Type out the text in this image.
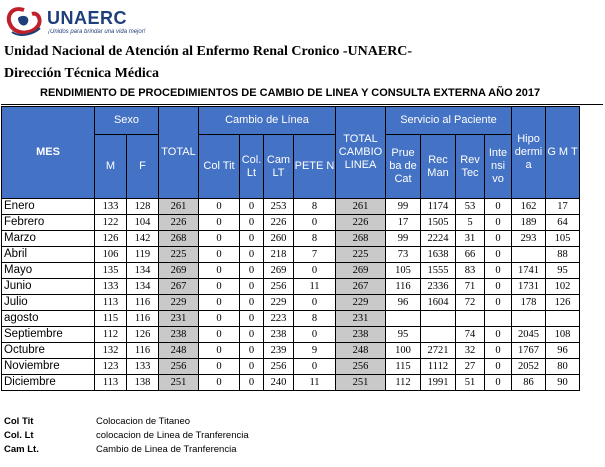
UNAERC
¡Unidos para brindar una vida mejor!
Unidad Nacional de Atención al Enfermo Renal Cronico -UNAERC-
Dirección Técnica Médica
RENDIMIENTO DE PROCEDIMIENTOS DE CAMBIO DE LINEA Y CONSULTA EXTERNA AÑO 2017
MES	Sexo		TOTAL	Cambio de Línea				TOTAL CAMBIO LINEA	Servicio al Paciente				Hipo dermi a	G M T
	M	F		Col Tit	Col. Lt	Cam LT	PETE N		Prue ba de Cat	Rec Man	Rev Tec	Inte nsi vo		
Enero	133	128	261	0	0	253	8	261	99	1174	53	0	162	17
Febrero	122	104	226	0	0	226	0	226	17	1505	5	0	189	64
Marzo	126	142	268	0	0	260	8	268	99	2224	31	0	293	105
Abril	106	119	225	0	0	218	7	225	73	1638	66	0		88
Mayo	135	134	269	0	0	269	0	269	105	1555	83	0	1741	95
Junio	133	134	267	0	0	256	11	267	116	2336	71	0	1731	102
Julio	113	116	229	0	0	229	0	229	96	1604	72	0	178	126
agosto	115	116	231	0	0	223	8	231						
Septiembre	112	126	238	0	0	238	0	238	95		74	0	2045	108
Octubre	132	116	248	0	0	239	9	248	100	2721	32	0	1767	96
Noviembre	123	133	256	0	0	256	0	256	115	1112	27	0	2052	80
Diciembre	113	138	251	0	0	240	11	251	112	1991	51	0	86	90
Col Tit	Colocacion de Titaneo
Col. Lt	colocacion de Linea de Tranferencia
Cam Lt.	Cambio de Linea de Tranferencia
